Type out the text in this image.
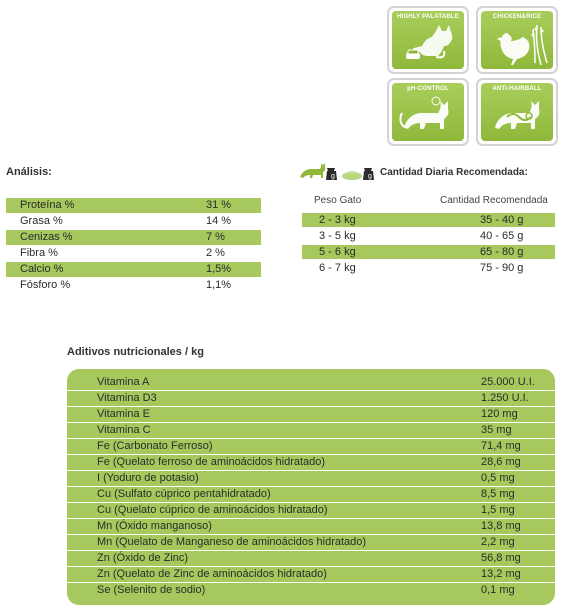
HIGHLY PALATABLE	CHICKEN&RICE
pH-CONTROL	ANTI-HAIRBALL
Análisis:
Proteína %	31 %
Grasa %	14 %
Cenizas %	7 %
Fibra %	2 %
Calcio %	1,5%
Fósforo %	1,1%
g	g Cantidad Diaria Recomendada:
Peso Gato	Cantidad Recomendada
2 - 3 kg	35 - 40 g
3 - 5 kg	40 - 65 g
5 - 6 kg	65 - 80 g
6 - 7 kg	75 - 90 g
Aditivos nutricionales / kg
Vitamina A	25.000 U.I.
Vitamina D3	1.250 U.I.
Vitamina E	120 mg
Vitamina C	35 mg
Fe (Carbonato Ferroso)	71,4 mg
Fe (Quelato ferroso de aminoácidos hidratado)	28,6 mg
I (Yoduro de potasio)	0,5 mg
Cu (Sulfato cúprico pentahidratado)	8,5 mg
Cu (Quelato cúprico de aminoácidos hidratado)	1,5 mg
Mn (Óxido manganoso)	13,8 mg
Mn (Quelato de Manganeso de aminoácidos hidratado)	2,2 mg
Zn (Óxido de Zinc)	56,8 mg
Zn (Quelato de Zinc de aminoácidos hidratado)	13,2 mg
Se (Selenito de sodio)	0,1 mg
